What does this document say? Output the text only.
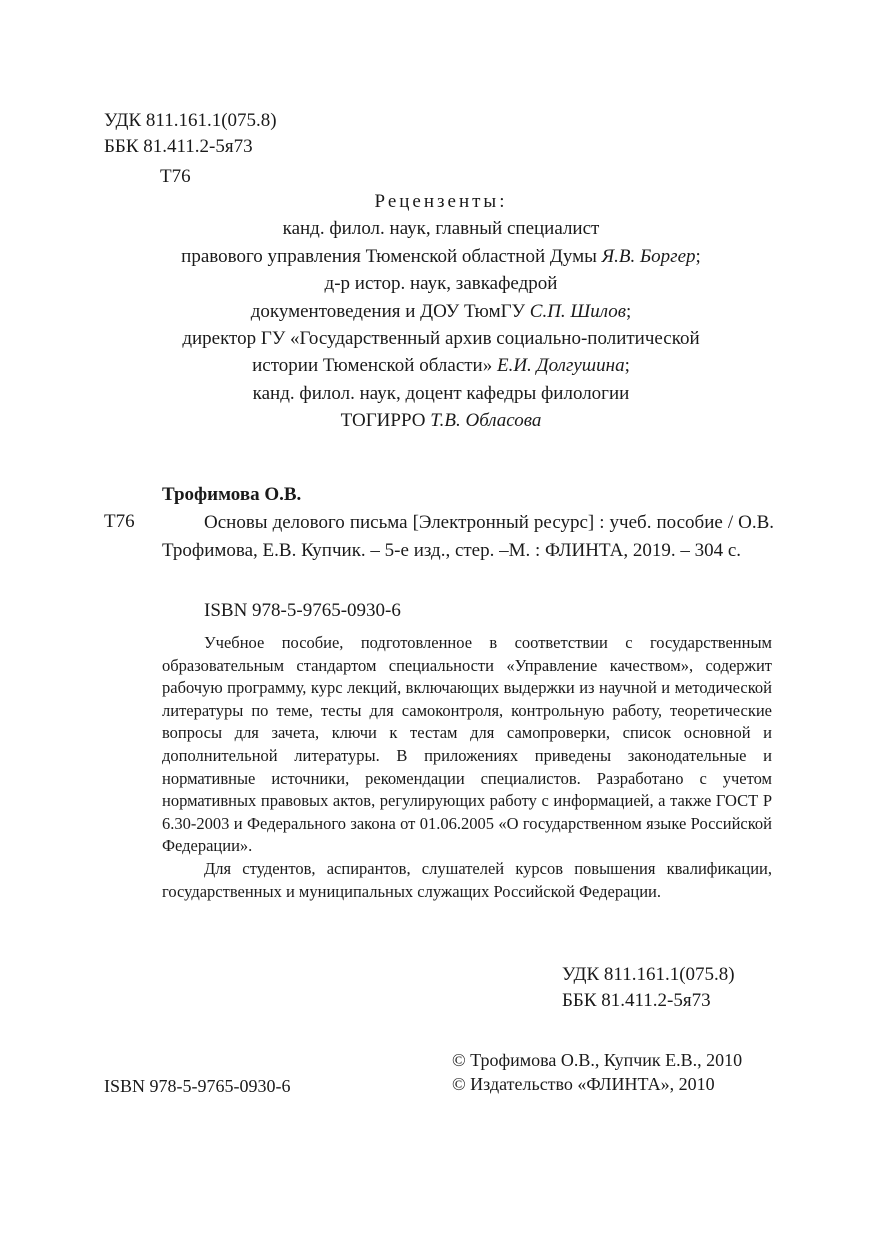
УДК 811.161.1(075.8)
ББК 81.411.2-5я73
Т76
Рецензенты:
канд. филол. наук, главный специалист
правового управления Тюменской областной Думы Я.В. Боргер;
д-р истор. наук, завкафедрой
документоведения и ДОУ ТюмГУ С.П. Шилов;
директор ГУ «Государственный архив социально-политической
истории Тюменской области» Е.И. Долгушина;
канд. филол. наук, доцент кафедры филологии
ТОГИРРО Т.В. Обласова
Трофимова О.В.
Т76	Основы делового письма [Электронный ресурс] : учеб. пособие / О.В. Трофимова, Е.В. Купчик. – 5-е изд., стер. –М. : ФЛИНТА, 2019. – 304 с.

ISBN 978-5-9765-0930-6

Учебное пособие, подготовленное в соответствии с государственным образовательным стандартом специальности «Управление качеством», содержит рабочую программу, курс лекций, включающих выдержки из научной и методической литературы по теме, тесты для самоконтроля, контрольную работу, теоретические вопросы для зачета, ключи к тестам для самопроверки, список основной и дополнительной литературы. В приложениях приведены законодательные и нормативные источники, рекомендации специалистов. Разработано с учетом нормативных правовых актов, регулирующих работу с информацией, а также ГОСТ Р 6.30-2003 и Федерального закона от 01.06.2005 «О государственном языке Российской Федерации».

Для студентов, аспирантов, слушателей курсов повышения квалификации, государственных и муниципальных служащих Российской Федерации.

УДК 811.161.1(075.8)
ББК 81.411.2-5я73
© Трофимова О.В., Купчик Е.В., 2010
© Издательство «ФЛИНТА», 2010
ISBN 978-5-9765-0930-6
